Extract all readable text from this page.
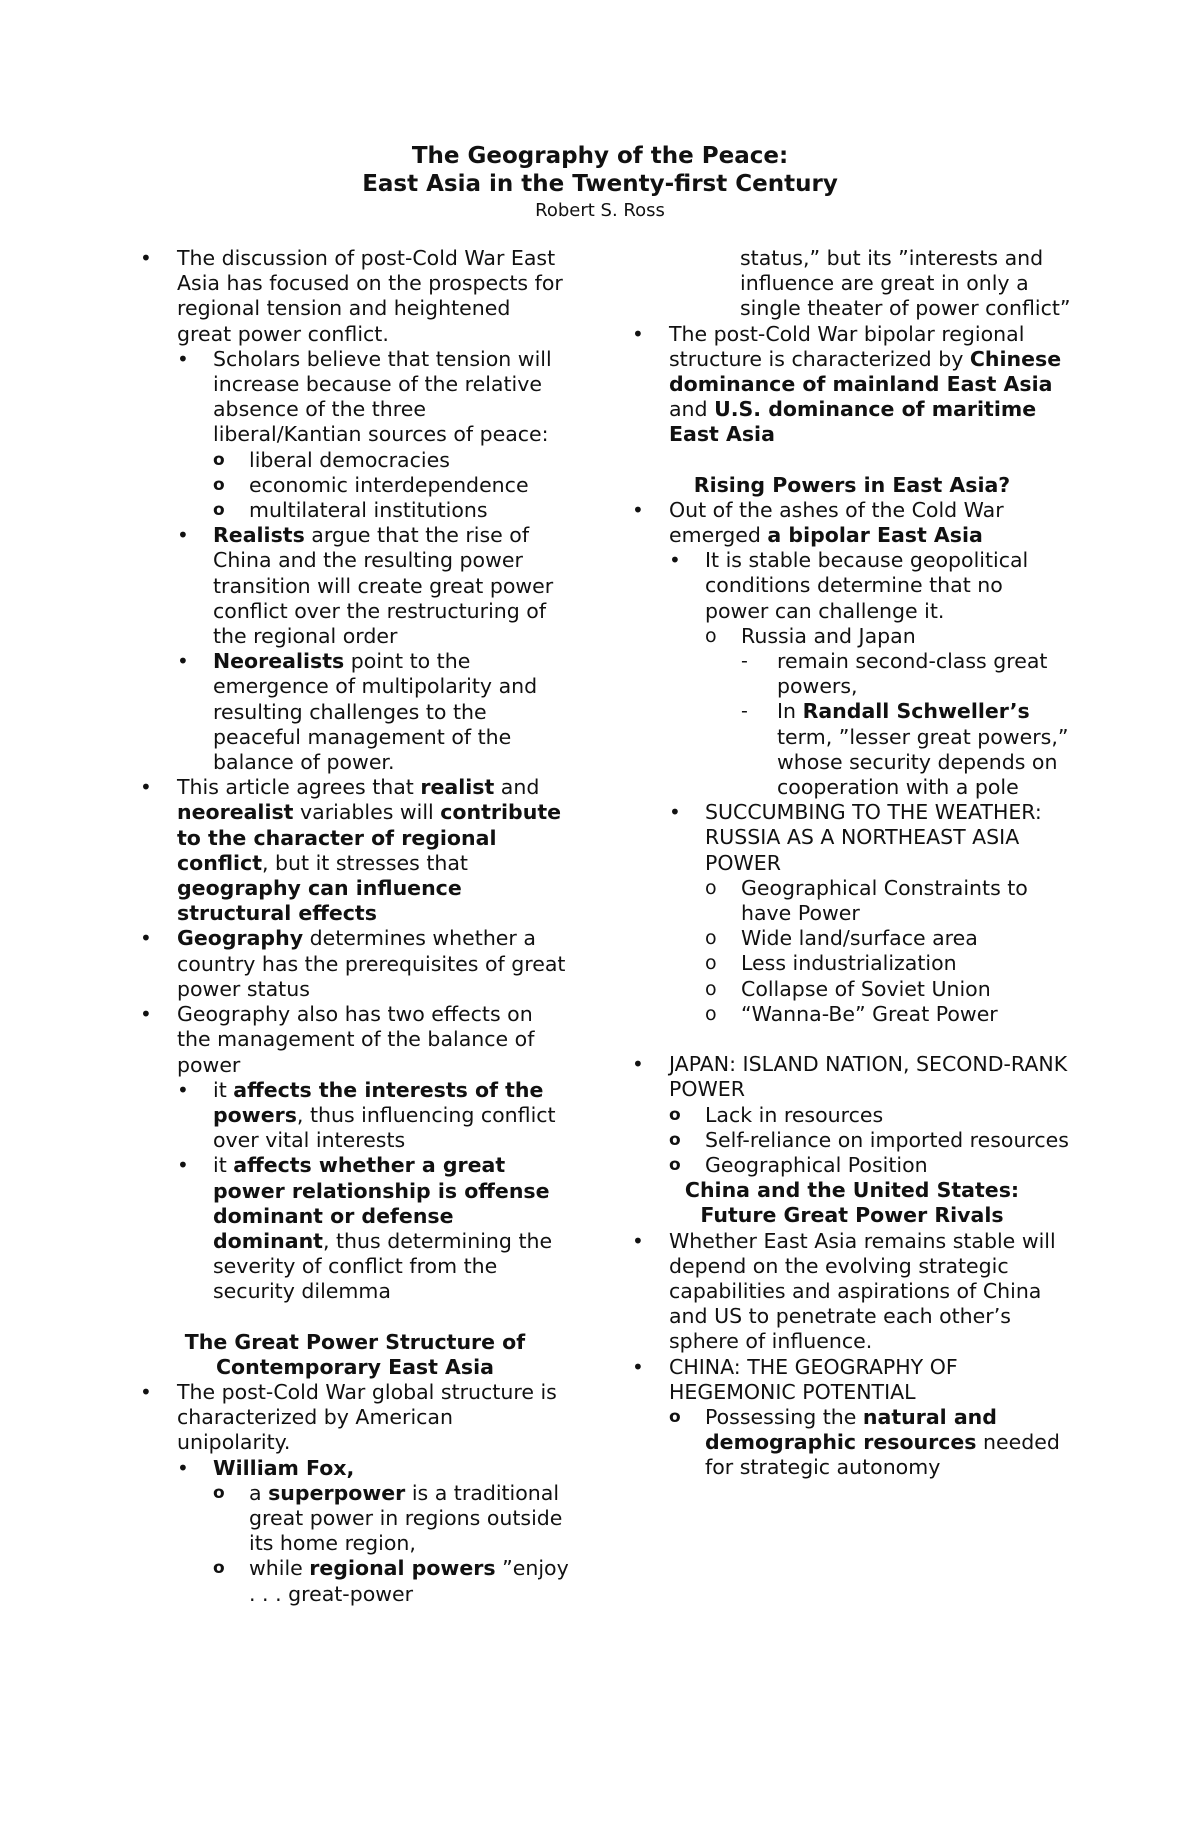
The Geography of the Peace:

East Asia in the Twenty-first Century

Robert S. Ross

•	The discussion of post-Cold War East Asia has focused on the prospects for regional tension and heightened great power conflict.
•	Scholars believe that tension will increase because of the relative absence of the three liberal/Kantian sources of peace:
o	liberal democracies
o	economic interdependence
o	multilateral institutions
•	Realists argue that the rise of China and the resulting power transition will create great power conflict over the restructuring of the regional order
•	Neorealists point to the emergence of multipolarity and resulting challenges to the peaceful management of the balance of power.
•	This article agrees that realist and neorealist variables will contribute to the character of regional conflict, but it stresses that geography can influence structural effects
•	Geography determines whether a country has the prerequisites of great power status
•	Geography also has two effects on the management of the balance of power
•	it affects the interests of the powers, thus influencing conflict over vital interests
•	it affects whether a great power relationship is offense dominant or defense dominant, thus determining the severity of conflict from the security dilemma

The Great Power Structure of
Contemporary East Asia

•	The post-Cold War global structure is characterized by American unipolarity.
•	William Fox,
o	a superpower is a traditional great power in regions outside its home region,
o	while regional powers ”enjoy . . . great-power
status,” but its ”interests and influence are great in only a single theater of power conflict”
•	The post-Cold War bipolar regional structure is characterized by Chinese dominance of mainland East Asia and U.S. dominance of maritime East Asia

Rising Powers in East Asia?

•	Out of the ashes of the Cold War emerged a bipolar East Asia
•	It is stable because geopolitical conditions determine that no power can challenge it.
o	Russia and Japan
-	remain second-class great powers,
-	In Randall Schweller’s term, ”lesser great powers,” whose security depends on cooperation with a pole
•	SUCCUMBING TO THE WEATHER: RUSSIA AS A NORTHEAST ASIA POWER
o	Geographical Constraints to have Power
o	Wide land/surface area
o	Less industrialization
o	Collapse of Soviet Union
o	“Wanna-Be” Great Power
•	JAPAN: ISLAND NATION, SECOND-RANK POWER
o	Lack in resources
o	Self-reliance on imported resources
o	Geographical Position

China and the United States:
Future Great Power Rivals

•	Whether East Asia remains stable will depend on the evolving strategic capabilities and aspirations of China and US to penetrate each other’s sphere of influence.
•	CHINA: THE GEOGRAPHY OF HEGEMONIC POTENTIAL
o	Possessing the natural and demographic resources needed for strategic autonomy
